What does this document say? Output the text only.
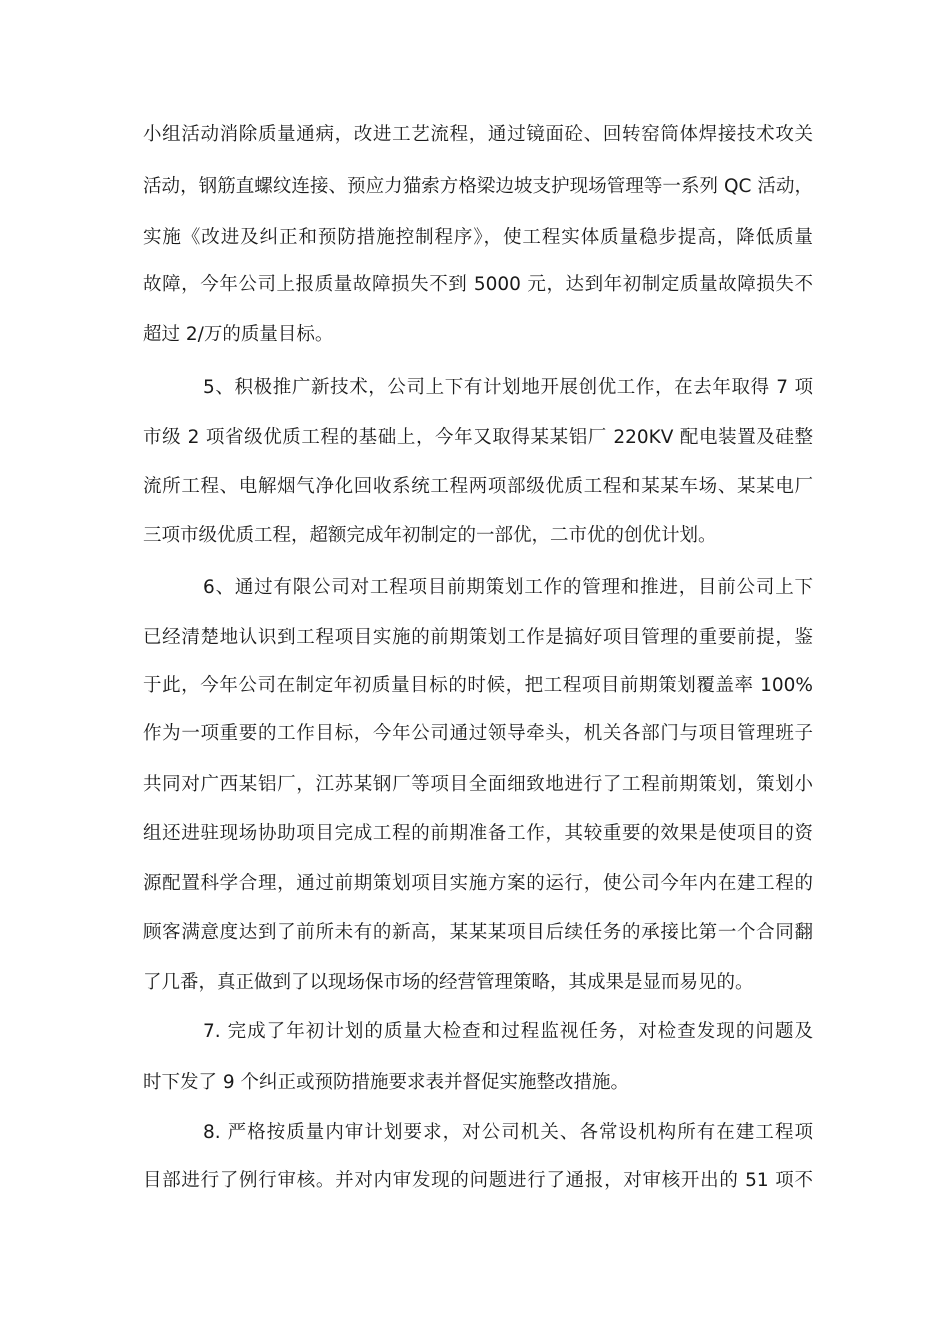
小组活动消除质量通病，改进工艺流程，通过镜面砼、回转窑筒体焊接技术攻关
活动，钢筋直螺纹连接、预应力猫索方格梁边坡支护现场管理等一系列 QC 活动，
实施《改进及纠正和预防措施控制程序》，使工程实体质量稳步提高，降低质量
故障，今年公司上报质量故障损失不到 5000 元，达到年初制定质量故障损失不
超过 2/万的质量目标。
5、积极推广新技术，公司上下有计划地开展创优工作，在去年取得 7 项
市级 2 项省级优质工程的基础上，今年又取得某某铝厂 220KV 配电装置及硅整
流所工程、电解烟气净化回收系统工程两项部级优质工程和某某车场、某某电厂
三项市级优质工程，超额完成年初制定的一部优，二市优的创优计划。
6、通过有限公司对工程项目前期策划工作的管理和推进，目前公司上下
已经清楚地认识到工程项目实施的前期策划工作是搞好项目管理的重要前提，鉴
于此，今年公司在制定年初质量目标的时候，把工程项目前期策划覆盖率 100%
作为一项重要的工作目标，今年公司通过领导牵头，机关各部门与项目管理班子
共同对广西某铝厂，江苏某钢厂等项目全面细致地进行了工程前期策划，策划小
组还进驻现场协助项目完成工程的前期准备工作，其较重要的效果是使项目的资
源配置科学合理，通过前期策划项目实施方案的运行，使公司今年内在建工程的
顾客满意度达到了前所未有的新高，某某某项目后续任务的承接比第一个合同翻
了几番，真正做到了以现场保市场的经营管理策略，其成果是显而易见的。
7. 完成了年初计划的质量大检查和过程监视任务，对检查发现的问题及
时下发了 9 个纠正或预防措施要求表并督促实施整改措施。
8. 严格按质量内审计划要求，对公司机关、各常设机构所有在建工程项
目部进行了例行审核。并对内审发现的问题进行了通报，对审核开出的 51 项不
